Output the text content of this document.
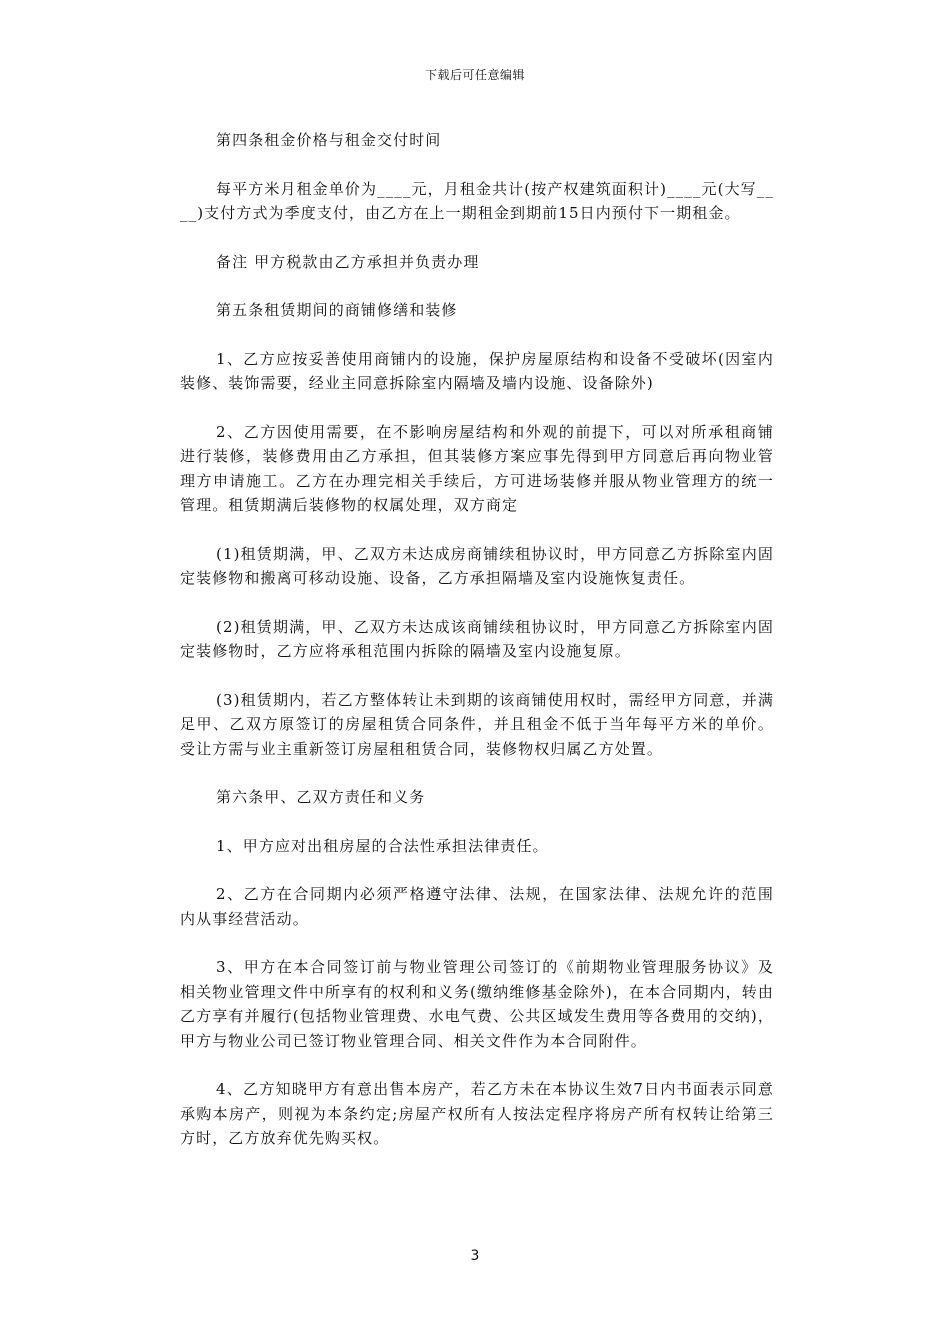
下载后可任意编辑

第四条租金价格与租金交付时间

每平方米月租金单价为____元，月租金共计(按产权建筑面积计)____元(大写____)支付方式为季度支付，由乙方在上一期租金到期前15日内预付下一期租金。

备注 甲方税款由乙方承担并负责办理

第五条租赁期间的商铺修缮和装修

1、乙方应按妥善使用商铺内的设施，保护房屋原结构和设备不受破坏(因室内装修、装饰需要，经业主同意拆除室内隔墙及墙内设施、设备除外)

2、乙方因使用需要，在不影响房屋结构和外观的前提下，可以对所承租商铺进行装修，装修费用由乙方承担，但其装修方案应事先得到甲方同意后再向物业管理方申请施工。乙方在办理完相关手续后，方可进场装修并服从物业管理方的统一管理。租赁期满后装修物的权属处理，双方商定

(1)租赁期满，甲、乙双方未达成房商铺续租协议时，甲方同意乙方拆除室内固定装修物和搬离可移动设施、设备，乙方承担隔墙及室内设施恢复责任。

(2)租赁期满，甲、乙双方未达成该商铺续租协议时，甲方同意乙方拆除室内固定装修物时，乙方应将承租范围内拆除的隔墙及室内设施复原。

(3)租赁期内，若乙方整体转让未到期的该商铺使用权时，需经甲方同意，并满足甲、乙双方原签订的房屋租赁合同条件，并且租金不低于当年每平方米的单价。受让方需与业主重新签订房屋租租赁合同，装修物权归属乙方处置。

第六条甲、乙双方责任和义务

1、甲方应对出租房屋的合法性承担法律责任。

2、乙方在合同期内必须严格遵守法律、法规，在国家法律、法规允许的范围内从事经营活动。

3、甲方在本合同签订前与物业管理公司签订的《前期物业管理服务协议》及相关物业管理文件中所享有的权利和义务(缴纳维修基金除外)，在本合同期内，转由乙方享有并履行(包括物业管理费、水电气费、公共区域发生费用等各费用的交纳)，甲方与物业公司已签订物业管理合同、相关文件作为本合同附件。

4、乙方知晓甲方有意出售本房产，若乙方未在本协议生效7日内书面表示同意承购本房产，则视为本条约定;房屋产权所有人按法定程序将房产所有权转让给第三方时，乙方放弃优先购买权。

3
